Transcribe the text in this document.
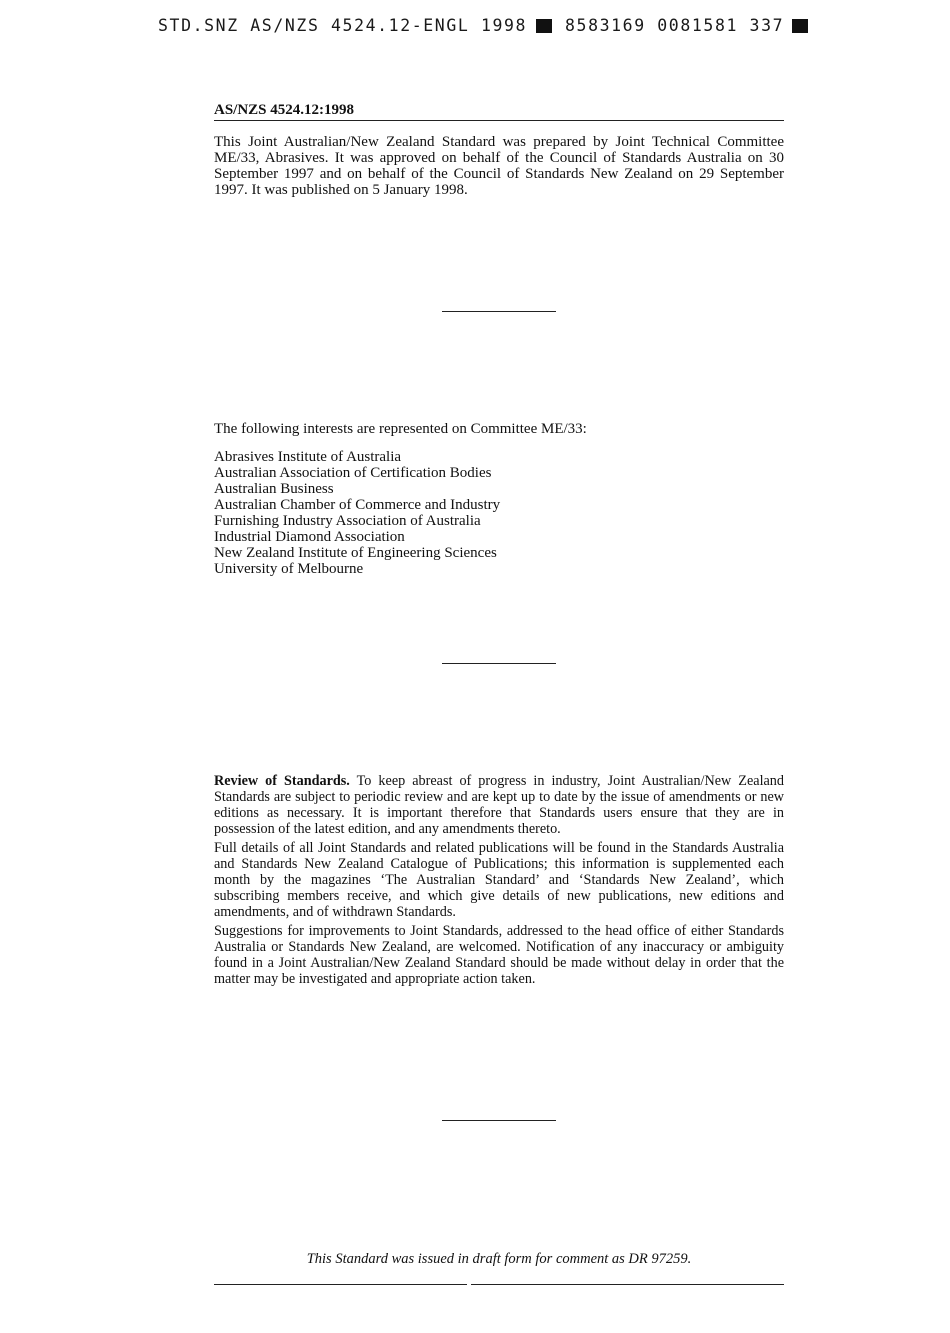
STD.SNZ AS/NZS 4524.12-ENGL 1998 8583169 0081581 337
AS/NZS 4524.12:1998

This Joint Australian/New Zealand Standard was prepared by Joint Technical Committee ME/33, Abrasives. It was approved on behalf of the Council of Standards Australia on 30 September 1997 and on behalf of the Council of Standards New Zealand on 29 September 1997. It was published on 5 January 1998.

The following interests are represented on Committee ME/33:
Abrasives Institute of Australia
Australian Association of Certification Bodies
Australian Business
Australian Chamber of Commerce and Industry
Furnishing Industry Association of Australia
Industrial Diamond Association
New Zealand Institute of Engineering Sciences
University of Melbourne

Review of Standards. To keep abreast of progress in industry, Joint Australian/New Zealand Standards are subject to periodic review and are kept up to date by the issue of amendments or new editions as necessary. It is important therefore that Standards users ensure that they are in possession of the latest edition, and any amendments thereto.

Full details of all Joint Standards and related publications will be found in the Standards Australia and Standards New Zealand Catalogue of Publications; this information is supplemented each month by the magazines ‘The Australian Standard’ and ‘Standards New Zealand’, which subscribing members receive, and which give details of new publications, new editions and amendments, and of withdrawn Standards.

Suggestions for improvements to Joint Standards, addressed to the head office of either Standards Australia or Standards New Zealand, are welcomed. Notification of any inaccuracy or ambiguity found in a Joint Australian/New Zealand Standard should be made without delay in order that the matter may be investigated and appropriate action taken.

This Standard was issued in draft form for comment as DR 97259.
